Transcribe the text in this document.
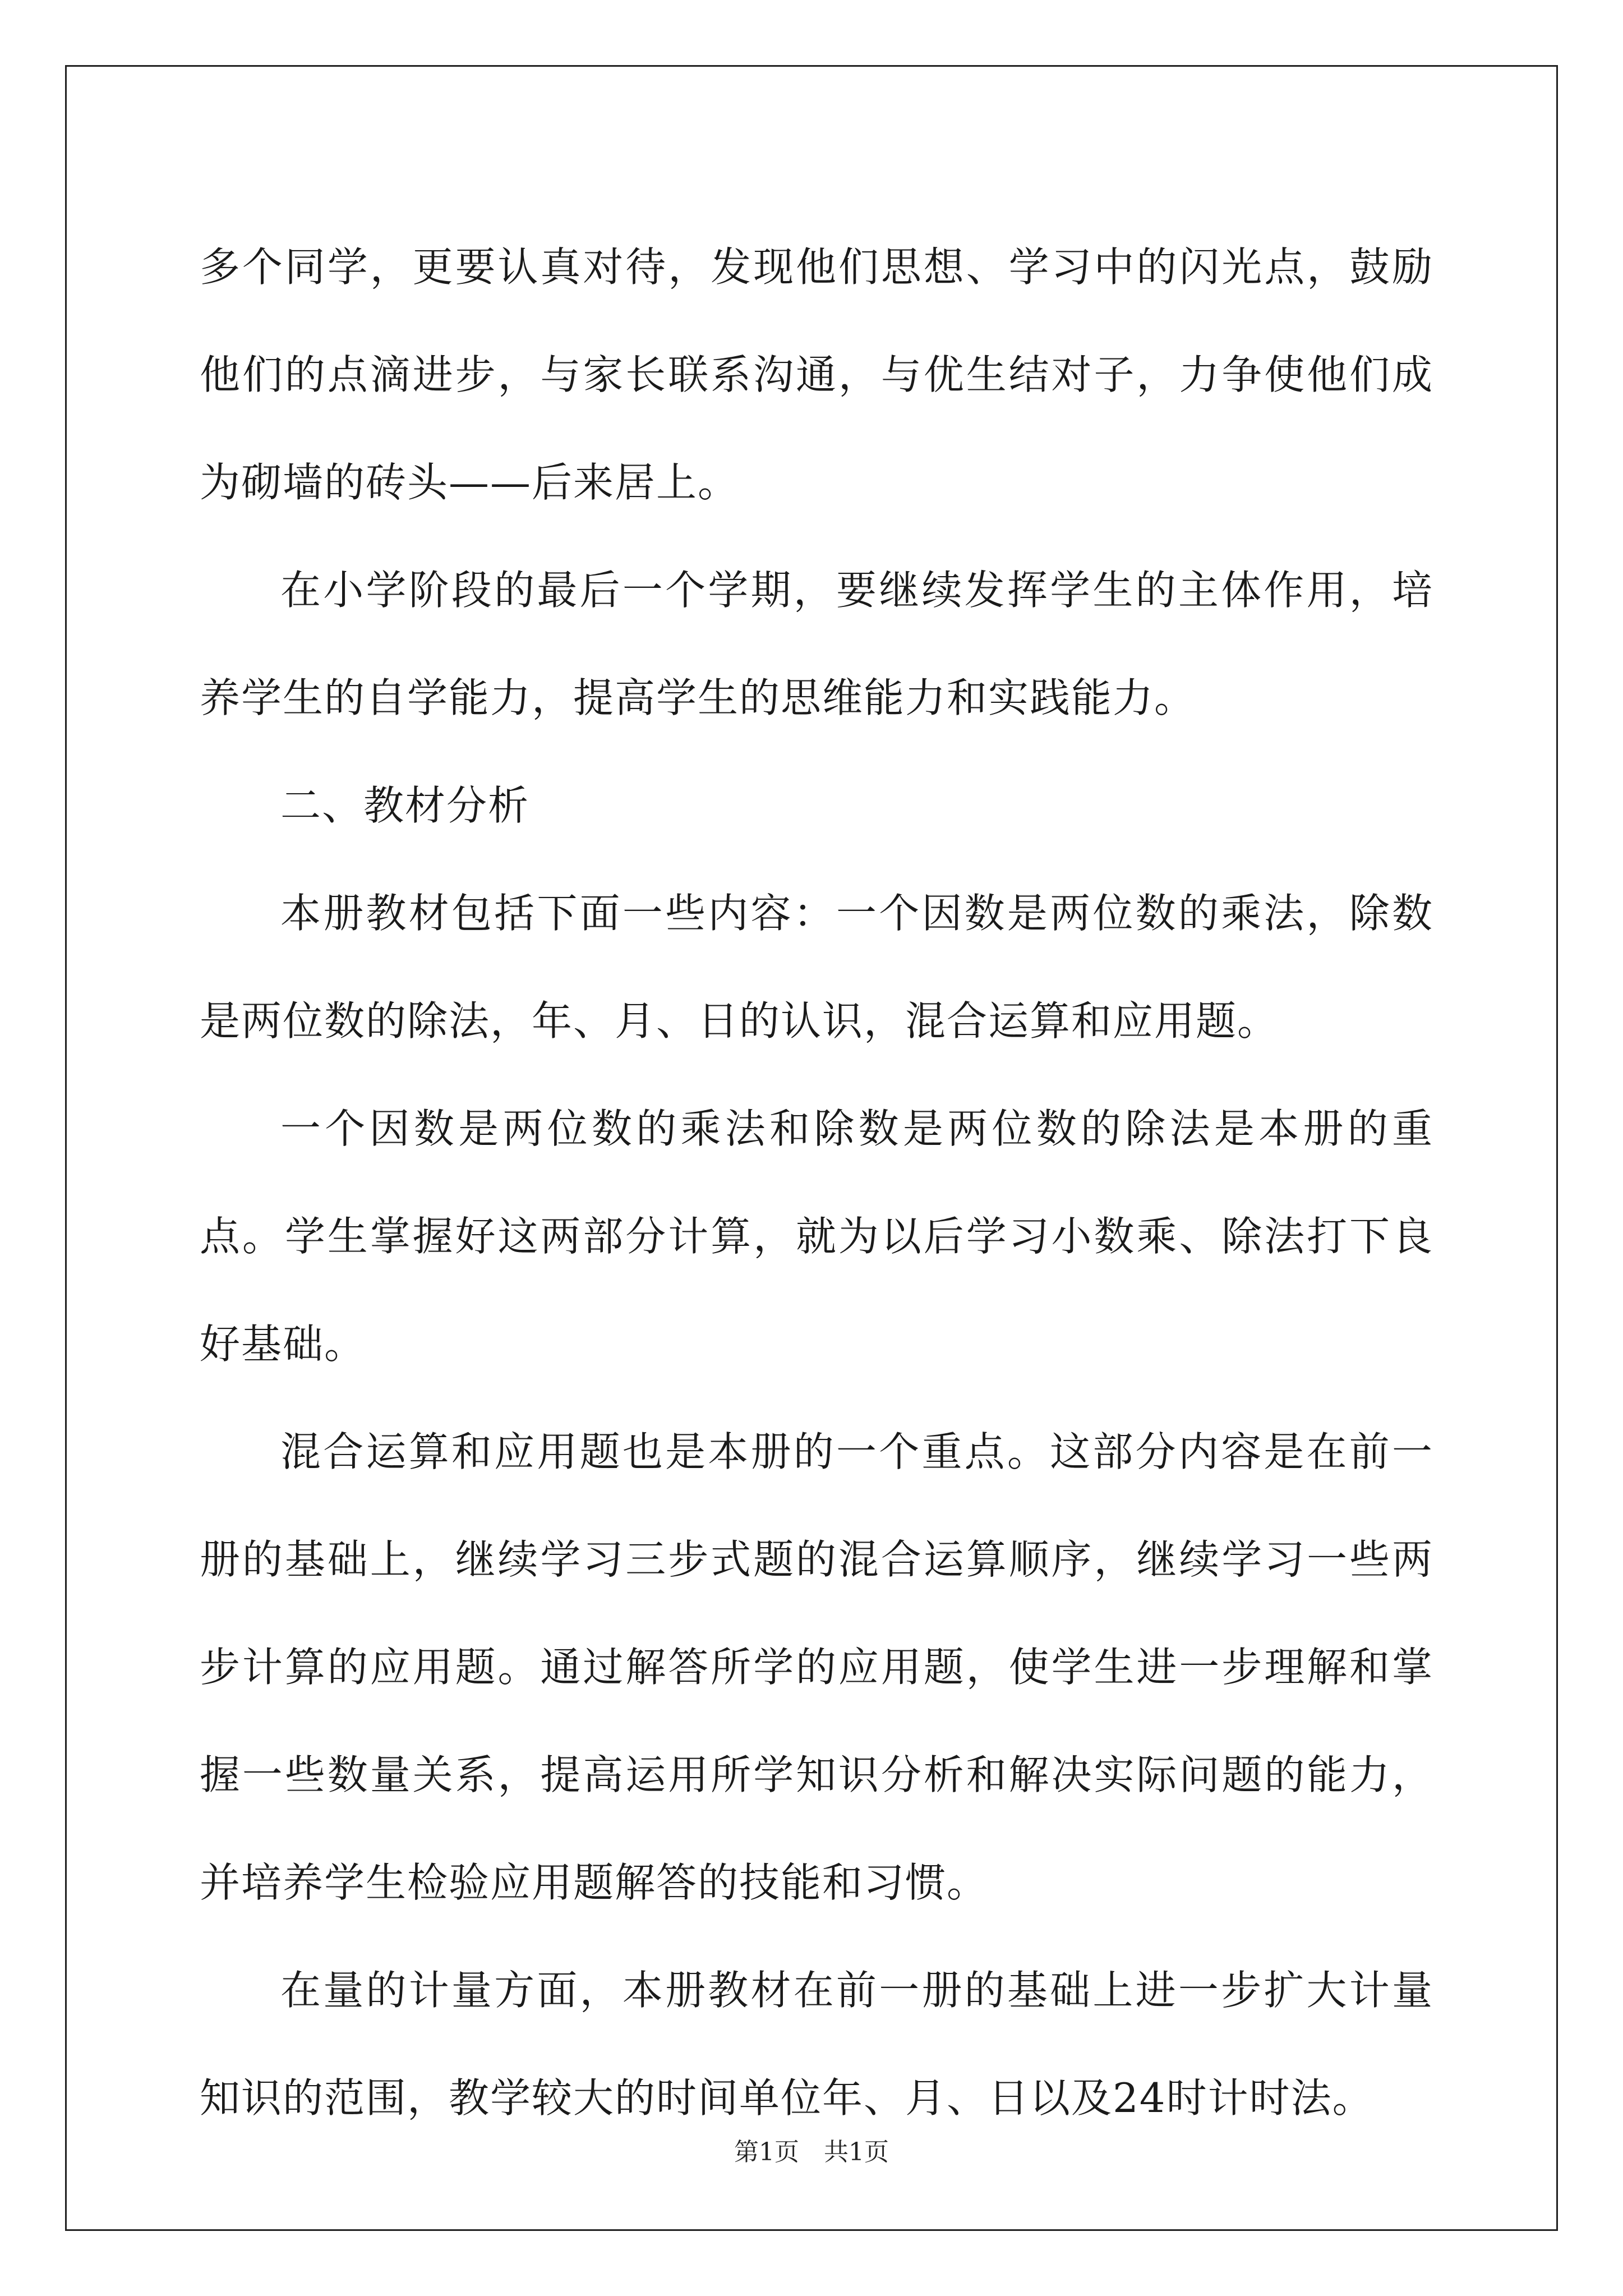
多个同学，更要认真对待，发现他们思想、学习中的闪光点，鼓励他们的点滴进步，与家长联系沟通，与优生结对子，力争使他们成为砌墙的砖头——后来居上。

在小学阶段的最后一个学期，要继续发挥学生的主体作用，培养学生的自学能力，提高学生的思维能力和实践能力。

二、教材分析

本册教材包括下面一些内容：一个因数是两位数的乘法，除数是两位数的除法，年、月、日的认识，混合运算和应用题。

一个因数是两位数的乘法和除数是两位数的除法是本册的重点。学生掌握好这两部分计算，就为以后学习小数乘、除法打下良好基础。

混合运算和应用题也是本册的一个重点。这部分内容是在前一册的基础上，继续学习三步式题的混合运算顺序，继续学习一些两步计算的应用题。通过解答所学的应用题，使学生进一步理解和掌握一些数量关系，提高运用所学知识分析和解决实际问题的能力，并培养学生检验应用题解答的技能和习惯。

在量的计量方面，本册教材在前一册的基础上进一步扩大计量知识的范围，教学较大的时间单位年、月、日以及24时计时法。

第1页　共1页
